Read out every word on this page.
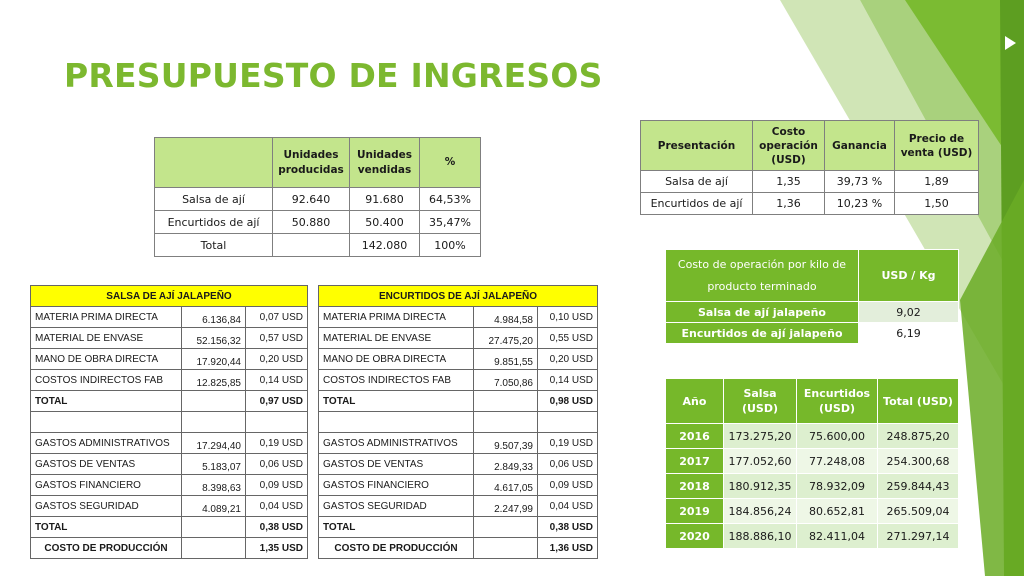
PRESUPUESTO DE INGRESOS
	Unidades producidas	Unidades vendidas	%
Salsa de ají	92.640	91.680	64,53%
Encurtidos de ají	50.880	50.400	35,47%
Total		142.080	100%
SALSA DE AJÍ JALAPEÑO		
MATERIA PRIMA DIRECTA	6.136,84	0,07 USD
MATERIAL DE ENVASE	52.156,32	0,57 USD
MANO DE OBRA DIRECTA	17.920,44	0,20 USD
COSTOS INDIRECTOS FAB	12.825,85	0,14 USD
TOTAL		0,97 USD

GASTOS ADMINISTRATIVOS	17.294,40	0,19 USD
GASTOS DE VENTAS	5.183,07	0,06 USD
GASTOS FINANCIERO	8.398,63	0,09 USD
GASTOS SEGURIDAD	4.089,21	0,04 USD
TOTAL		0,38 USD
COSTO DE PRODUCCIÓN		1,35 USD
ENCURTIDOS DE AJÍ JALAPEÑO		
MATERIA PRIMA DIRECTA	4.984,58	0,10 USD
MATERIAL DE ENVASE	27.475,20	0,55 USD
MANO DE OBRA DIRECTA	9.851,55	0,20 USD
COSTOS INDIRECTOS FAB	7.050,86	0,14 USD
TOTAL		0,98 USD

GASTOS ADMINISTRATIVOS	9.507,39	0,19 USD
GASTOS DE VENTAS	2.849,33	0,06 USD
GASTOS FINANCIERO	4.617,05	0,09 USD
GASTOS SEGURIDAD	2.247,99	0,04 USD
TOTAL		0,38 USD
COSTO DE PRODUCCIÓN		1,36 USD
Presentación	Costo operación (USD)	Ganancia	Precio de venta (USD)
Salsa de ají	1,35	39,73 %	1,89
Encurtidos de ají	1,36	10,23 %	1,50
Costo de operación por kilo de producto terminado	USD / Kg
Salsa de ají jalapeño	9,02
Encurtidos de ají jalapeño	6,19
Año	Salsa (USD)	Encurtidos (USD)	Total (USD)
2016	173.275,20	75.600,00	248.875,20
2017	177.052,60	77.248,08	254.300,68
2018	180.912,35	78.932,09	259.844,43
2019	184.856,24	80.652,81	265.509,04
2020	188.886,10	82.411,04	271.297,14
